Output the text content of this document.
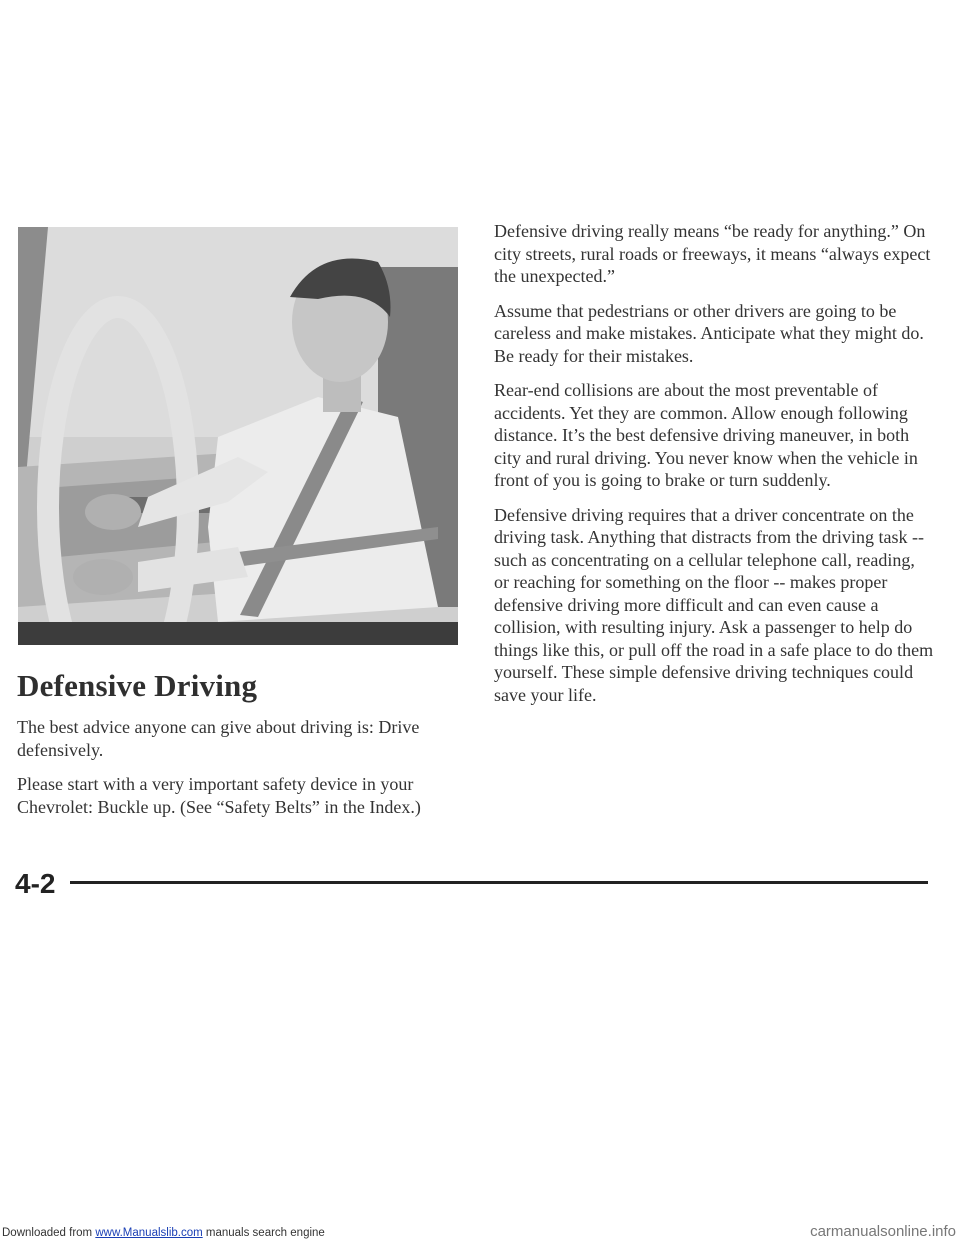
Defensive Driving

The best advice anyone can give about driving is: Drive defensively.

Please start with a very important safety device in your Chevrolet: Buckle up. (See “Safety Belts” in the Index.)

Defensive driving really means “be ready for anything.” On city streets, rural roads or freeways, it means “always expect the unexpected.”

Assume that pedestrians or other drivers are going to be careless and make mistakes. Anticipate what they might do. Be ready for their mistakes.

Rear-end collisions are about the most preventable of accidents. Yet they are common. Allow enough following distance. It’s the best defensive driving maneuver, in both city and rural driving. You never know when the vehicle in front of you is going to brake or turn suddenly.

Defensive driving requires that a driver concentrate on the driving task. Anything that distracts from the driving task -- such as concentrating on a cellular telephone call, reading, or reaching for something on the floor -- makes proper defensive driving more difficult and can even cause a collision, with resulting injury. Ask a passenger to help do things like this, or pull off the road in a safe place to do them yourself. These simple defensive driving techniques could save your life.

4-2
Downloaded from www.Manualslib.com manuals search engine	carmanualsonline.info
